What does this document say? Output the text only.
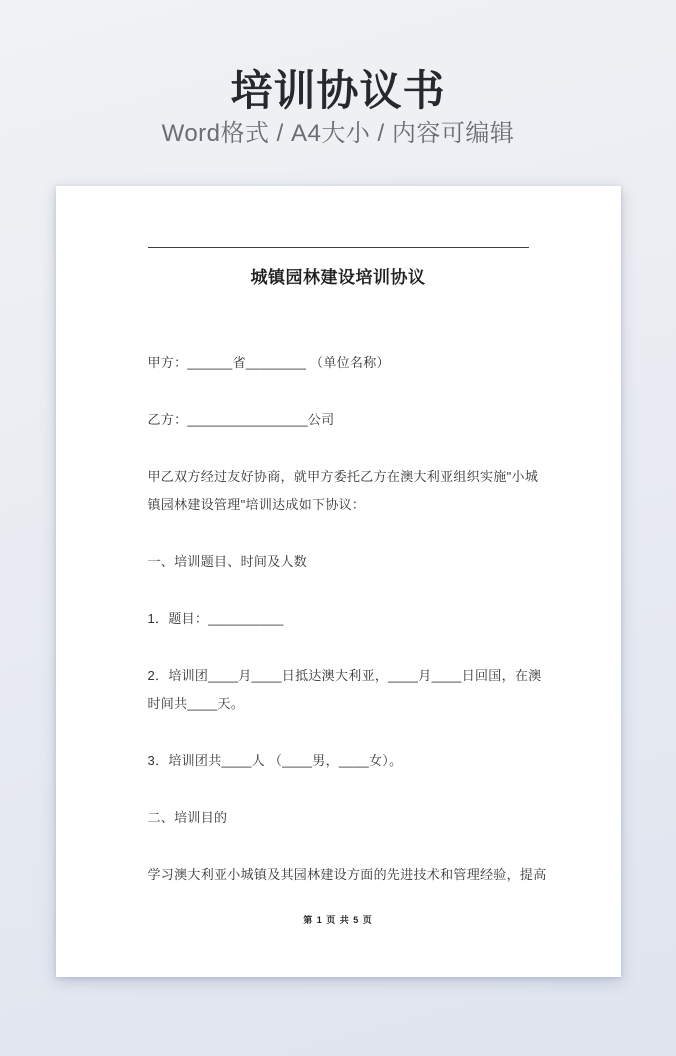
培训协议书
Word格式 / A4大小 / 内容可编辑
城镇园林建设培训协议
甲方：______省________ （单位名称）
乙方：________________公司
甲乙双方经过友好协商，就甲方委托乙方在澳大利亚组织实施"小城
镇园林建设管理"培训达成如下协议：
一、培训题目、时间及人数
1．题目：__________
2．培训团____月____日抵达澳大利亚，____月____日回国，在澳
时间共____天。
3．培训团共____人 （____男，____女）。
二、培训目的
学习澳大利亚小城镇及其园林建设方面的先进技术和管理经验，提高
第 1 页 共 5 页
